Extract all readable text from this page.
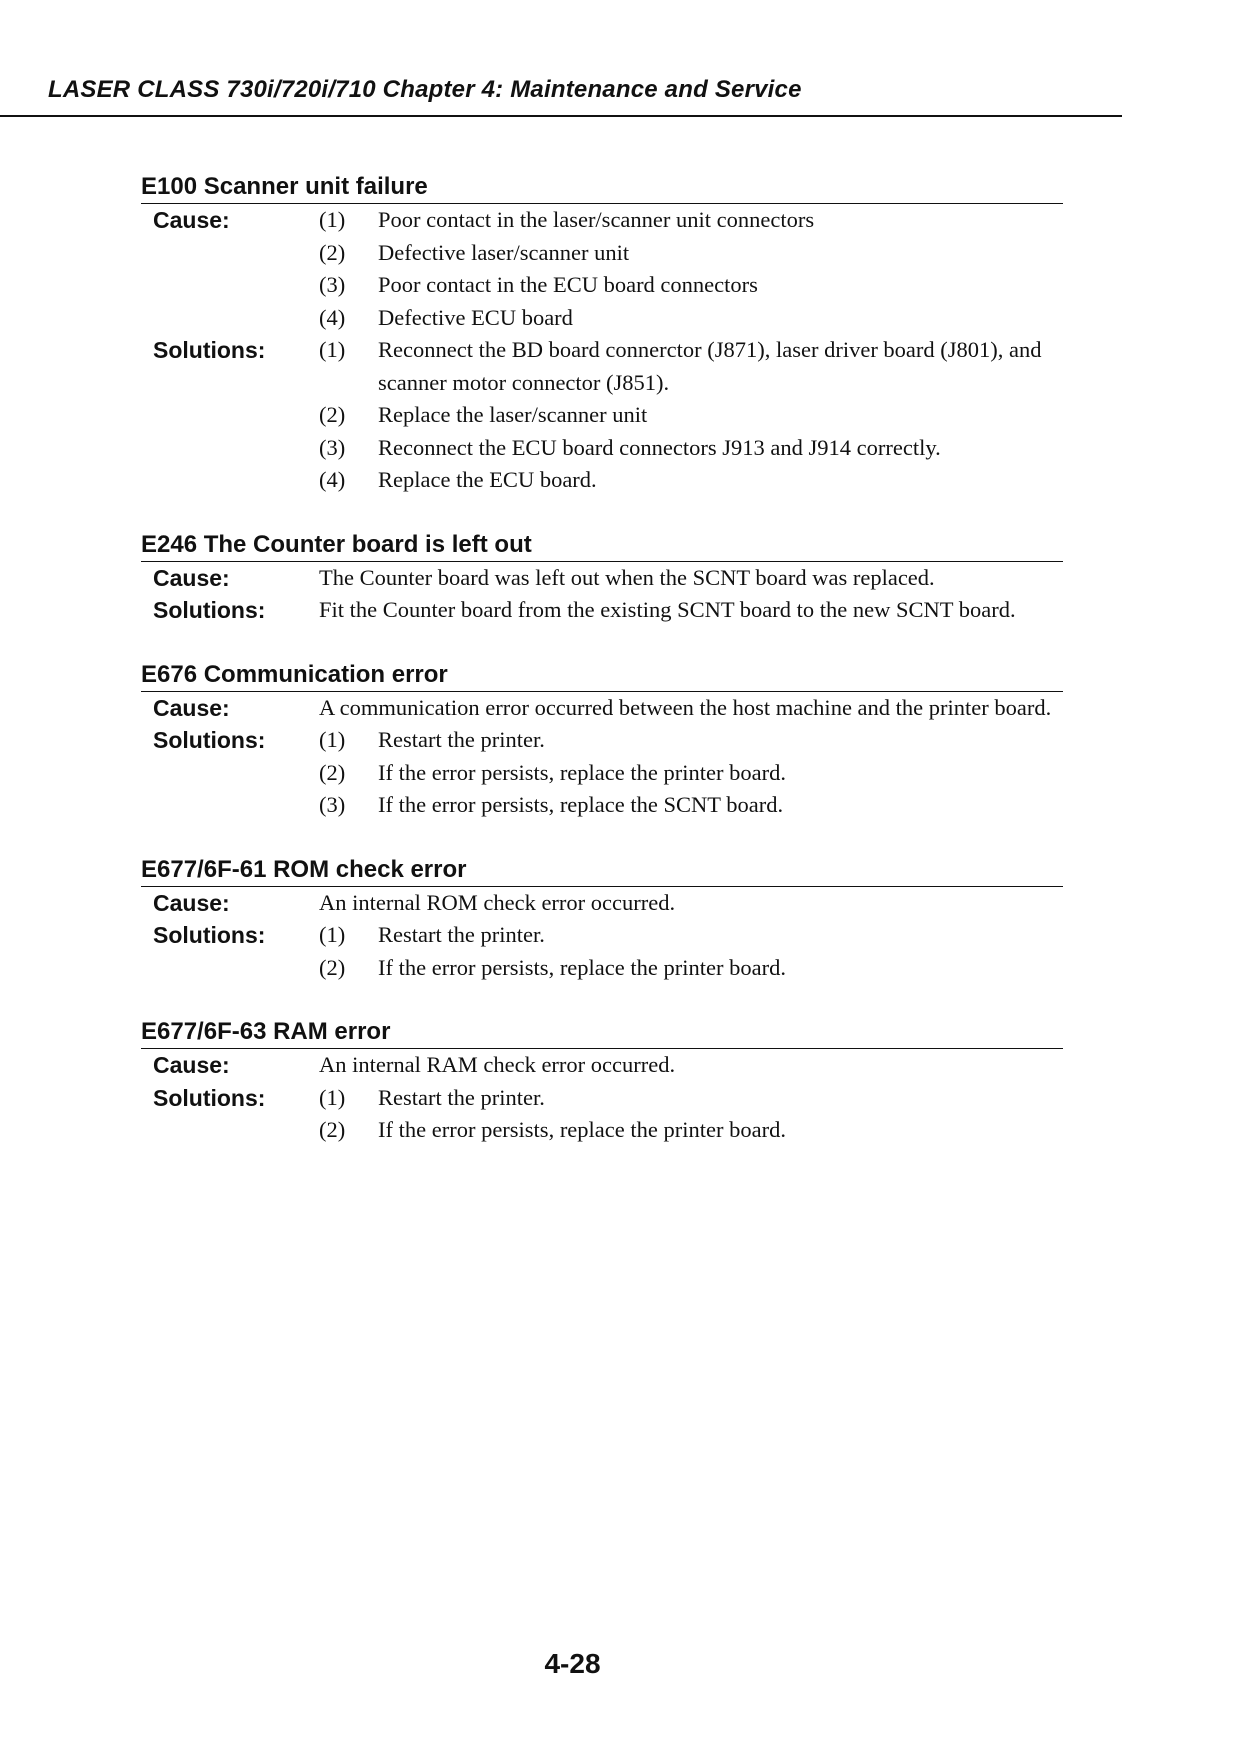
LASER CLASS 730i/720i/710 Chapter 4: Maintenance and Service
E100 Scanner unit failure
Cause:	(1)	Poor contact in the laser/scanner unit connectors
(2)	Defective laser/scanner unit
(3)	Poor contact in the ECU board connectors
(4)	Defective ECU board
Solutions:	(1)	Reconnect the BD board connerctor (J871), laser driver board (J801), and scanner motor connector (J851).
(2)	Replace the laser/scanner unit
(3)	Reconnect the ECU board connectors J913 and J914 correctly.
(4)	Replace the ECU board.
E246 The Counter board is left out
Cause:	The Counter board was left out when the SCNT board was replaced.

Solutions:	Fit the Counter board from the existing SCNT board to the new SCNT board.

E676 Communication error
Cause:	A communication error occurred between the host machine and the printer board.

Solutions:	(1)	Restart the printer.
(2)	If the error persists, replace the printer board.
(3)	If the error persists, replace the SCNT board.
E677/6F-61 ROM check error
Cause:	An internal ROM check error occurred.

Solutions:	(1)	Restart the printer.
(2)	If the error persists, replace the printer board.
E677/6F-63 RAM error
Cause:	An internal RAM check error occurred.

Solutions:	(1)	Restart the printer.
(2)	If the error persists, replace the printer board.
4-28
